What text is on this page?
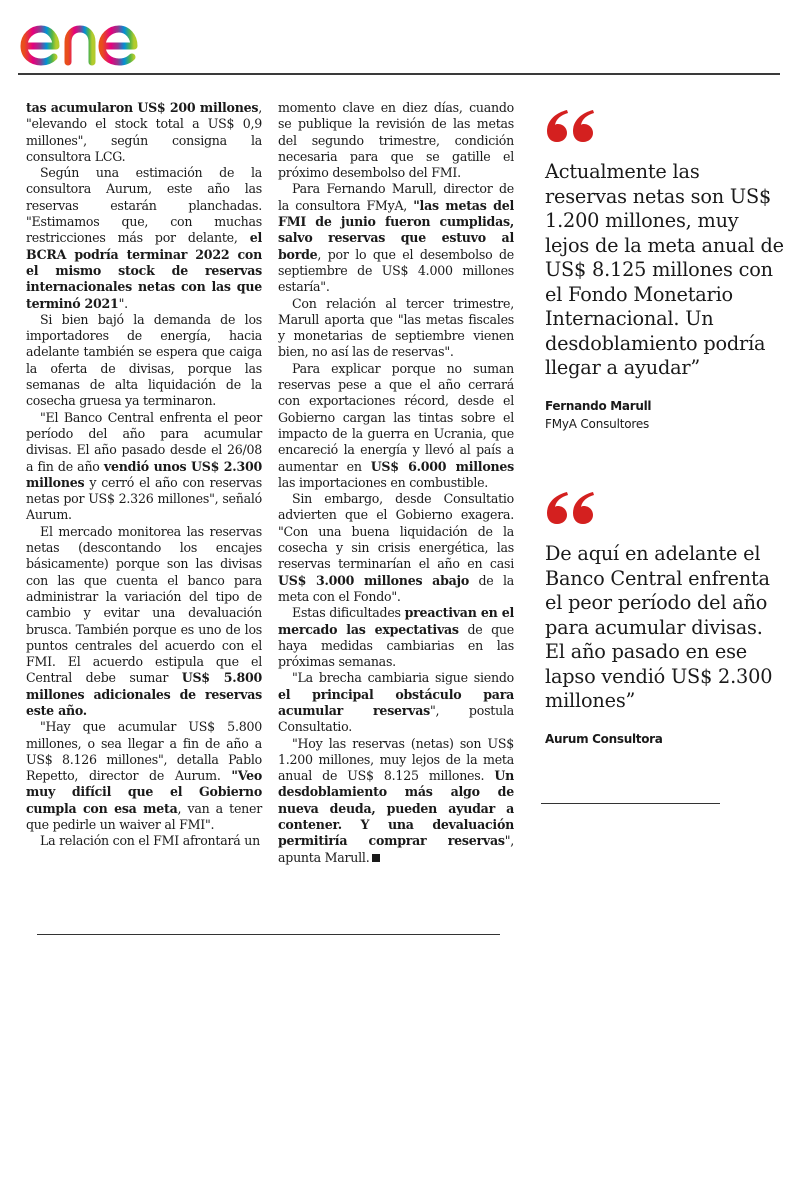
tas acumularon US$ 200 millones, "elevando el stock total a US$ 0,9 millones", según consigna la consultora LCG.

Según una estimación de la consultora Aurum, este año las reservas estarán planchadas. "Estimamos que, con muchas restricciones más por delante, el BCRA podría terminar 2022 con el mismo stock de reservas internacionales netas con las que terminó 2021".

Si bien bajó la demanda de los importadores de energía, hacia adelante también se espera que caiga la oferta de divisas, porque las semanas de alta liquidación de la cosecha gruesa ya terminaron.

"El Banco Central enfrenta el peor período del año para acumular divisas. El año pasado desde el 26/08 a fin de año vendió unos US$ 2.300 millones y cerró el año con reservas netas por US$ 2.326 millones", señaló Aurum.

El mercado monitorea las reservas netas (descontando los encajes básicamente) porque son las divisas con las que cuenta el banco para administrar la variación del tipo de cambio y evitar una devaluación brusca. También porque es uno de los puntos centrales del acuerdo con el FMI. El acuerdo estipula que el Central debe sumar US$ 5.800 millones adicionales de reservas este año.

"Hay que acumular US$ 5.800 millones, o sea llegar a fin de año a US$ 8.126 millones", detalla Pablo Repetto, director de Aurum. "Veo muy difícil que el Gobierno cumpla con esa meta, van a tener que pedirle un waiver al FMI".

La relación con el FMI afrontará un

momento clave en diez días, cuando se publique la revisión de las metas del segundo trimestre, condición necesaria para que se gatille el próximo desembolso del FMI.

Para Fernando Marull, director de la consultora FMyA, "las metas del FMI de junio fueron cumplidas, salvo reservas que estuvo al borde, por lo que el desembolso de septiembre de US$ 4.000 millones estaría".

Con relación al tercer trimestre, Marull aporta que "las metas fiscales y monetarias de septiembre vienen bien, no así las de reservas".

Para explicar porque no suman reservas pese a que el año cerrará con exportaciones récord, desde el Gobierno cargan las tintas sobre el impacto de la guerra en Ucrania, que encareció la energía y llevó al país a aumentar en US$ 6.000 millones las importaciones en combustible.

Sin embargo, desde Consultatio advierten que el Gobierno exagera. "Con una buena liquidación de la cosecha y sin crisis energética, las reservas terminarían el año en casi US$ 3.000 millones abajo de la meta con el Fondo".

Estas dificultades preactivan en el mercado las expectativas de que haya medidas cambiarias en las próximas semanas.

"La brecha cambiaria sigue siendo el principal obstáculo para acumular reservas", postula Consultatio.

"Hoy las reservas (netas) son US$ 1.200 millones, muy lejos de la meta anual de US$ 8.125 millones. Un desdoblamiento más algo de nueva deuda, pueden ayudar a contener. Y una devaluación permitiría comprar reservas", apunta Marull.

Actualmente las reservas netas son US$ 1.200 millones, muy lejos de la meta anual de US$ 8.125 millones con el Fondo Monetario Internacional. Un desdoblamiento podría llegar a ayudar”
Fernando Marull
FMyA Consultores
De aquí en adelante el Banco Central enfrenta el peor período del año para acumular divisas. El año pasado en ese lapso vendió US$ 2.300 millones”
Aurum Consultora
